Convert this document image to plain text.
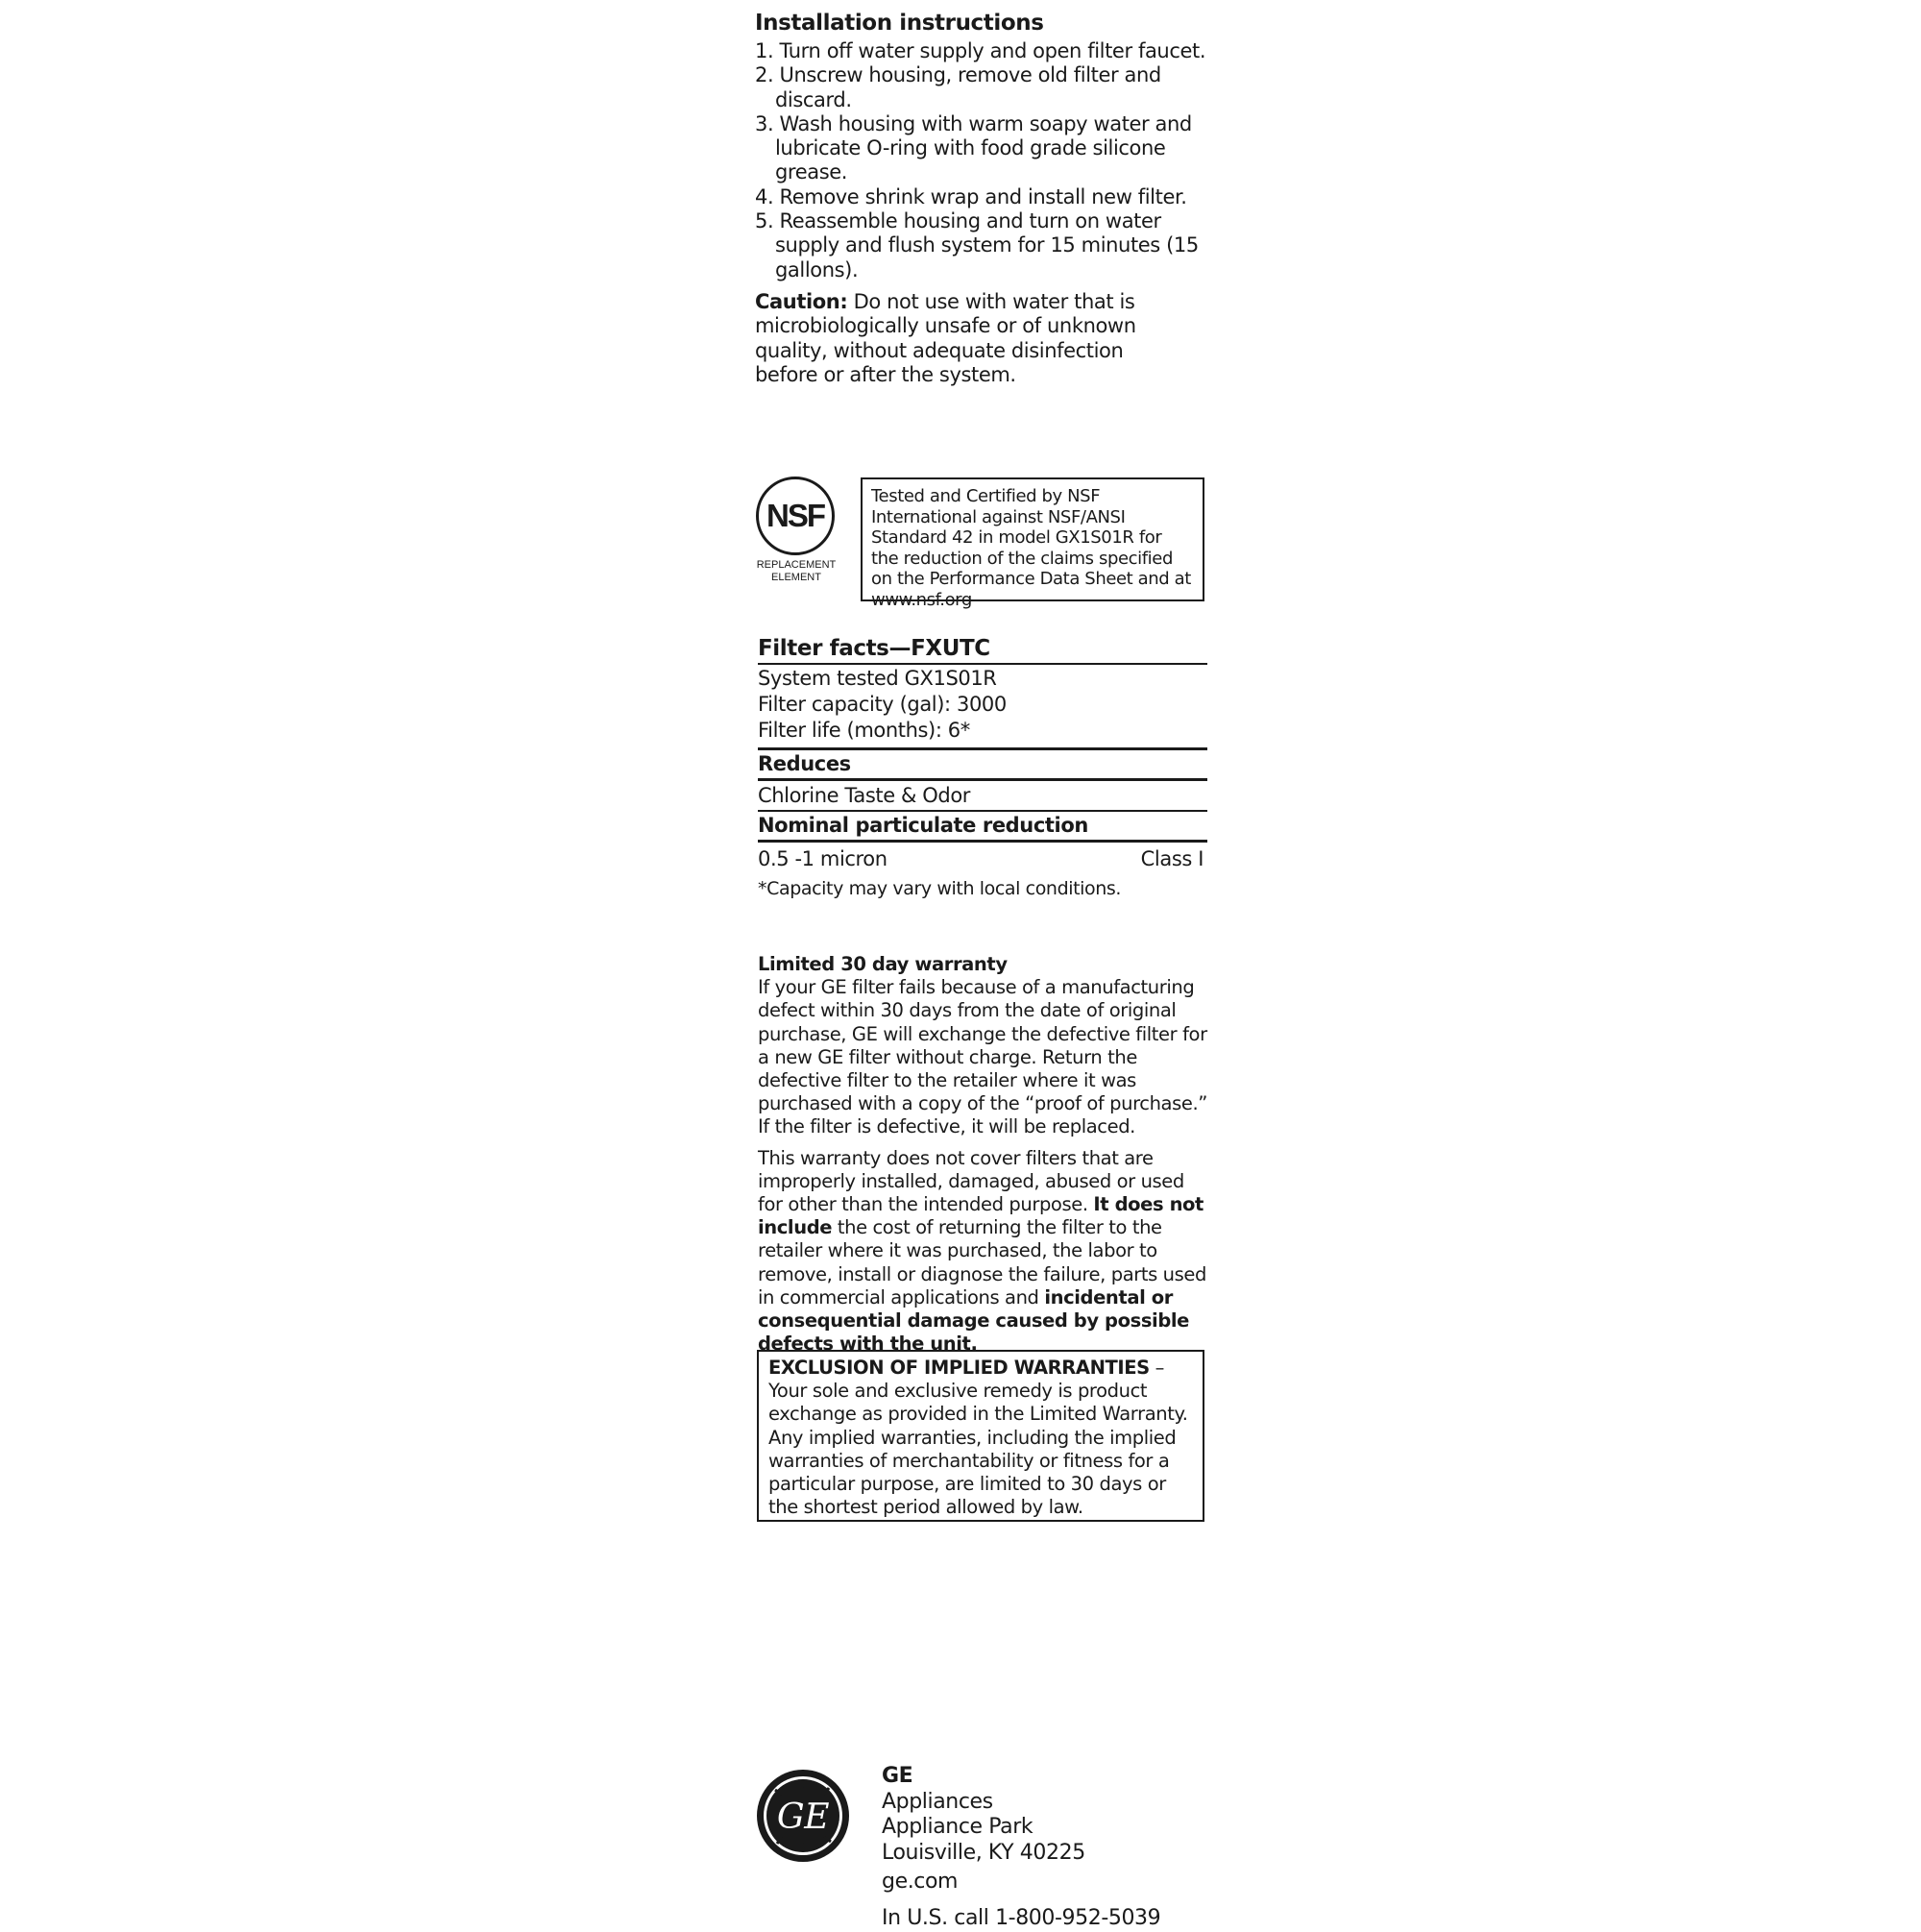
Installation instructions
1. Turn off water supply and open filter faucet.
2. Unscrew housing, remove old filter and discard.
3. Wash housing with warm soapy water and lubricate O-ring with food grade silicone grease.
4. Remove shrink wrap and install new filter.
5. Reassemble housing and turn on water supply and flush system for 15 minutes (15 gallons).

Caution: Do not use with water that is microbiologically unsafe or of unknown quality, without adequate disinfection before or after the system.

NSF
REPLACEMENT
ELEMENT
Tested and Certified by NSF International against NSF/ANSI Standard 42 in model GX1S01R for the reduction of the claims specified on the Performance Data Sheet and at www.nsf.org
Filter facts—FXUTC
System tested GX1S01R
Filter capacity (gal): 3000
Filter life (months): 6*
Reduces
Chlorine Taste & Odor
Nominal particulate reduction
0.5 -1 micron	Class I
*Capacity may vary with local conditions.

Limited 30 day warranty

If your GE filter fails because of a manufacturing defect within 30 days from the date of original purchase, GE will exchange the defective filter for a new GE filter without charge. Return the defective filter to the retailer where it was purchased with a copy of the “proof of purchase.” If the filter is defective, it will be replaced.

This warranty does not cover filters that are improperly installed, damaged, abused or used for other than the intended purpose. It does not include the cost of returning the filter to the retailer where it was purchased, the labor to remove, install or diagnose the failure, parts used in commercial applications and incidental or consequential damage caused by possible defects with the unit.

EXCLUSION OF IMPLIED WARRANTIES – Your sole and exclusive remedy is product exchange as provided in the Limited Warranty. Any implied warranties, including the implied warranties of merchantability or fitness for a particular purpose, are limited to 30 days or the shortest period allowed by law.
GE
GE
Appliances
Appliance Park
Louisville, KY 40225
ge.com
In U.S. call 1-800-952-5039
